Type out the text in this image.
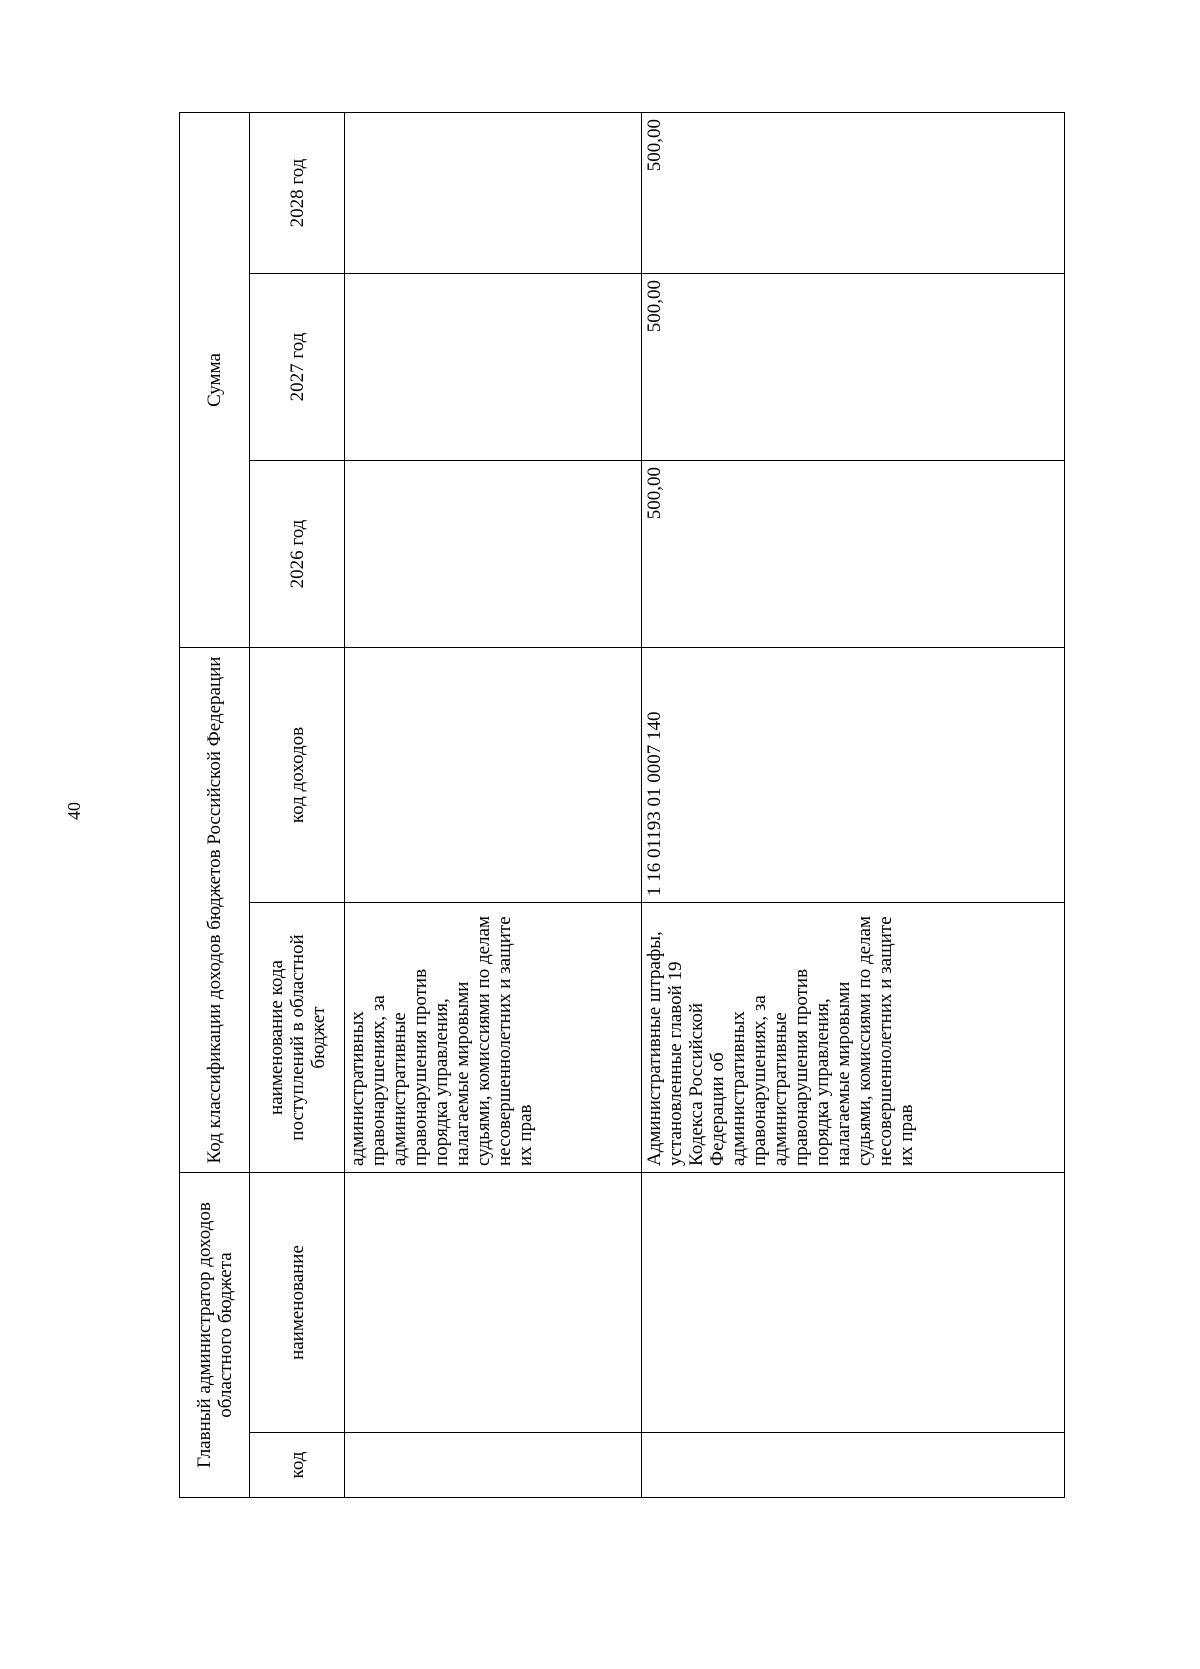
40
Главный администратор доходов областного бюджета		Код классификации доходов бюджетов Российской Федерации		Сумма		
код	наименование	наименование кода поступлений в областной бюджет	код доходов	2026 год	2027 год	2028 год
		административных правонарушениях, за административные правонарушения против порядка управления, налагаемые мировыми судьями, комиссиями по делам несовершеннолетних и защите их прав				
		Административные штрафы, установленные главой 19 Кодекса Российской Федерации об административных правонарушениях, за административные правонарушения против порядка управления, налагаемые мировыми судьями, комиссиями по делам несовершеннолетних и защите их прав	1 16 01193 01 0007 140	500,00	500,00	500,00
